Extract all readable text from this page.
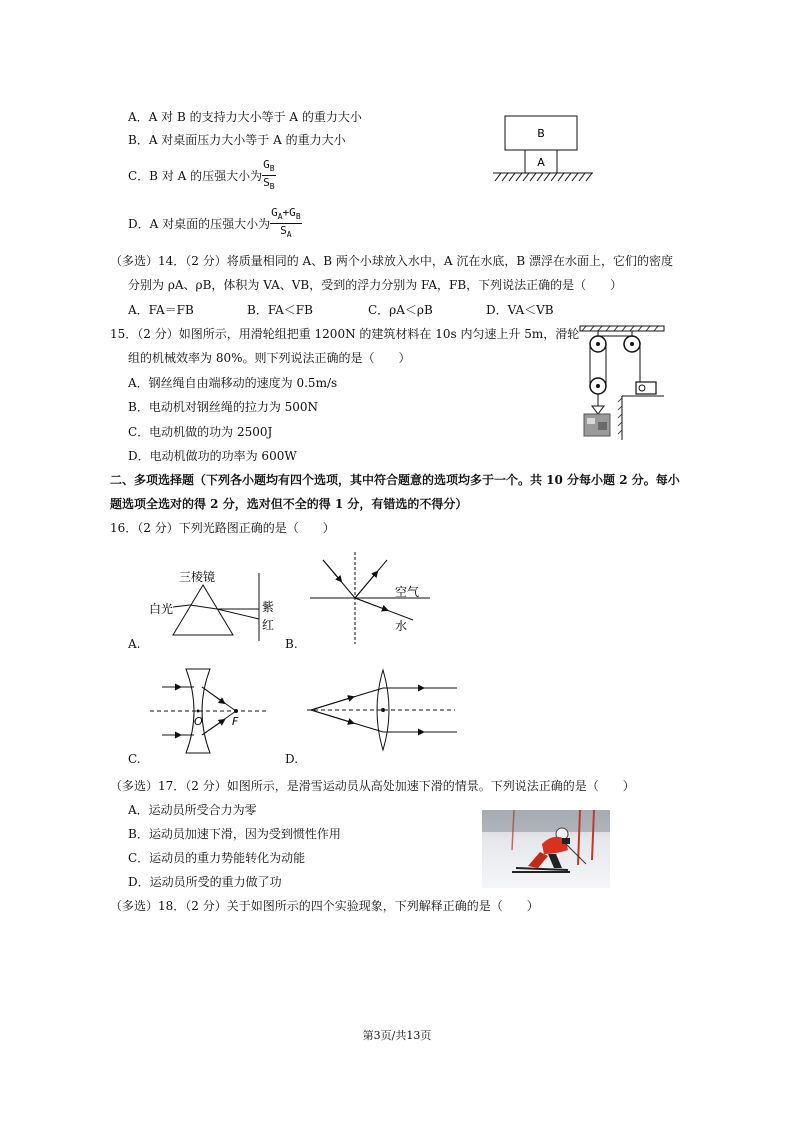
A．A 对 B 的支持力大小等于 A 的重力大小
B．A 对桌面压力大小等于 A 的重力大小
C．B 对 A 的压强大小为 $\frac{G_B}{S_B}$
D．A 对桌面的压强大小为 $\frac{G_A+G_B}{S_A}$
B
A
（多选）14．（2 分）将质量相同的 A、B 两个小球放入水中，A 沉在水底，B 漂浮在水面上，它们的密度
分别为 ρA、ρB，体积为 VA、VB，受到的浮力分别为 FA，FB，下列说法正确的是（　　）
A．FA＝FB	B．FA＜FB	C．ρA＜ρB	D．VA＜VB
15．（2 分）如图所示，用滑轮组把重 1200N 的建筑材料在 10s 内匀速上升 5m，滑轮
组的机械效率为 80%。则下列说法正确的是（　　）
A．钢丝绳自由端移动的速度为 0.5m/s
B．电动机对钢丝绳的拉力为 500N
C．电动机做的功为 2500J
D．电动机做功的功率为 600W
二、多项选择题（下列各小题均有四个选项，其中符合题意的选项均多于一个。共 10 分每小题 2 分。每小
题选项全选对的得 2 分，选对但不全的得 1 分，有错选的不得分）
16．（2 分）下列光路图正确的是（　　）
三棱镜
白光	紫
红
A.
空气
水
B.
O	F
C.	D.
（多选）17．（2 分）如图所示，是滑雪运动员从高处加速下滑的情景。下列说法正确的是（　　）
A．运动员所受合力为零
B．运动员加速下滑，因为受到惯性作用
C．运动员的重力势能转化为动能
D．运动员所受的重力做了功
（多选）18．（2 分）关于如图所示的四个实验现象，下列解释正确的是（　　）
第3页/共13页
